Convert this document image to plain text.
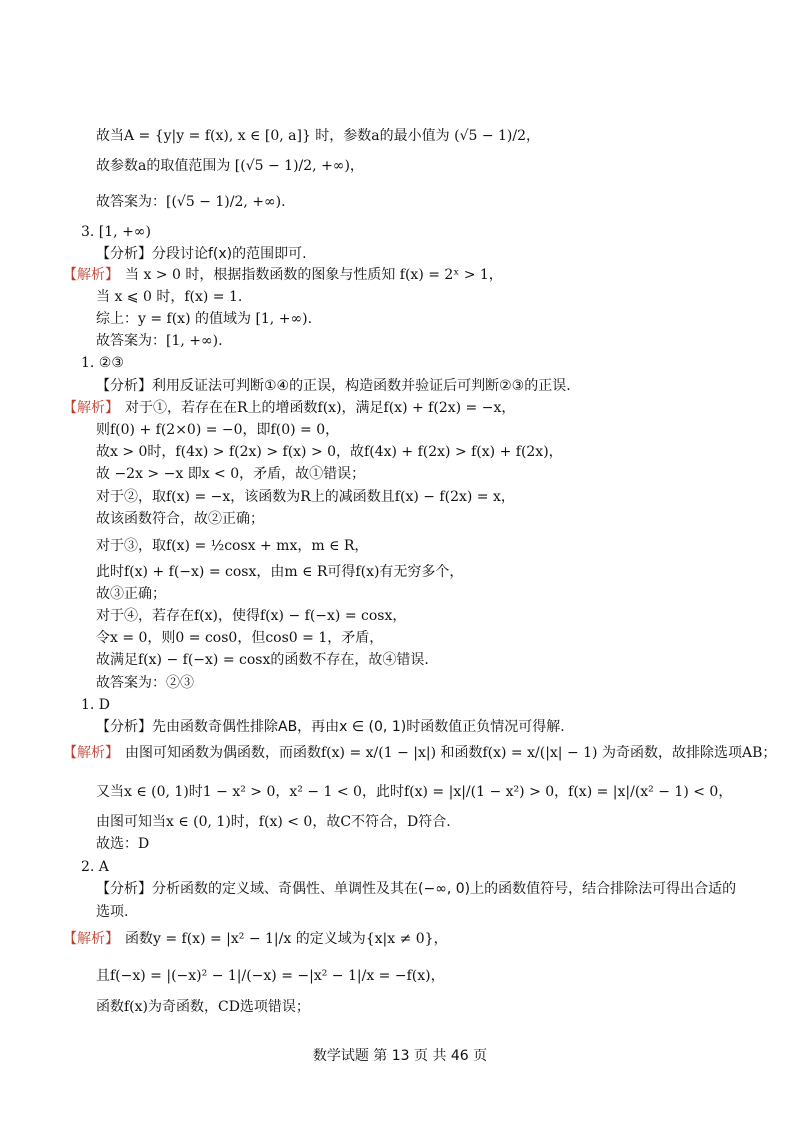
故当A = {y|y = f(x), x ∈ [0, a]} 时，参数a的最小值为 (√5 − 1)/2，
故参数a的取值范围为 [(√5 − 1)/2, +∞)，
故答案为：[(√5 − 1)/2, +∞).
3. [1, +∞)
【分析】分段讨论f(x)的范围即可.
【解析】 当 x > 0 时，根据指数函数的图象与性质知 f(x) = 2ˣ > 1，
当 x ⩽ 0 时，f(x) = 1.
综上：y = f(x) 的值域为 [1, +∞).
故答案为：[1, +∞).
1. ②③
【分析】利用反证法可判断①④的正误，构造函数并验证后可判断②③的正误.
【解析】 对于①，若存在在R上的增函数f(x)，满足f(x) + f(2x) = −x，
则f(0) + f(2×0) = −0，即f(0) = 0，
故x > 0时，f(4x) > f(2x) > f(x) > 0，故f(4x) + f(2x) > f(x) + f(2x)，
故 −2x > −x 即x < 0，矛盾，故①错误；
对于②，取f(x) = −x，该函数为R上的减函数且f(x) − f(2x) = x，
故该函数符合，故②正确；
对于③，取f(x) = ½cosx + mx，m ∈ R，
此时f(x) + f(−x) = cosx，由m ∈ R可得f(x)有无穷多个，
故③正确；
对于④，若存在f(x)，使得f(x) − f(−x) = cosx，
令x = 0，则0 = cos0，但cos0 = 1，矛盾，
故满足f(x) − f(−x) = cosx的函数不存在，故④错误.
故答案为：②③
1. D
【分析】先由函数奇偶性排除AB，再由x ∈ (0, 1)时函数值正负情况可得解.
【解析】 由图可知函数为偶函数，而函数f(x) = x/(1 − |x|) 和函数f(x) = x/(|x| − 1) 为奇函数，故排除选项AB；
又当x ∈ (0, 1)时1 − x² > 0，x² − 1 < 0，此时f(x) = |x|/(1 − x²) > 0，f(x) = |x|/(x² − 1) < 0，
由图可知当x ∈ (0, 1)时，f(x) < 0，故C不符合，D符合.
故选：D
2. A
【分析】分析函数的定义域、奇偶性、单调性及其在(−∞, 0)上的函数值符号，结合排除法可得出合适的
选项.
【解析】 函数y = f(x) = |x² − 1|/x 的定义域为{x|x ≠ 0}，
且f(−x) = |(−x)² − 1|/(−x) = −|x² − 1|/x = −f(x)，
函数f(x)为奇函数，CD选项错误；
数学试题 第 13 页 共 46 页
